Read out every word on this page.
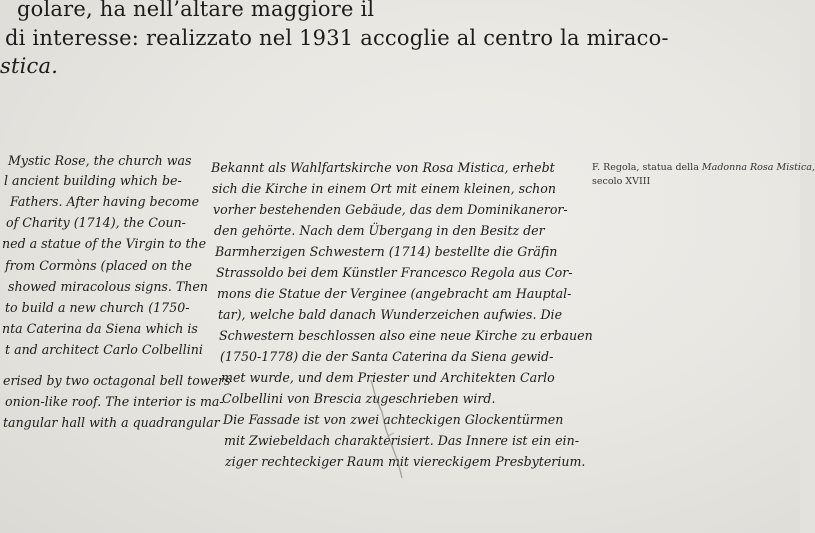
golare, ha nell’altare maggiore il
di interesse: realizzato nel 1931 accoglie al centro la miraco-
stica.
Mystic Rose, the church was
l ancient building which be-
Fathers. After having become
of Charity (1714), the Coun-
ned a statue of the Virgin to the
from Cormòns (placed on the
showed miracolous signs. Then
to build a new church (1750-
nta Caterina da Siena which is
t and architect Carlo Colbellini
erised by two octagonal bell towers
onion-like roof. The interior is ma-
tangular hall with a quadrangular
Bekannt als Wahlfartskirche von Rosa Mistica, erhebt
sich die Kirche in einem Ort mit einem kleinen, schon
vorher bestehenden Gebäude, das dem Dominikaneror-
den gehörte. Nach dem Übergang in den Besitz der
Barmherzigen Schwestern (1714) bestellte die Gräfin
Strassoldo bei dem Künstler Francesco Regola aus Cor-
mons die Statue der Verginee (angebracht am Hauptal-
tar), welche bald danach Wunderzeichen aufwies. Die
Schwestern beschlossen also eine neue Kirche zu erbauen
(1750-1778) die der Santa Caterina da Siena gewid-
met wurde, und dem Priester und Architekten Carlo
Colbellini von Brescia zugeschrieben wird.
Die Fassade ist von zwei achteckigen Glockentürmen
mit Zwiebeldach charakterisiert. Das Innere ist ein ein-
ziger rechteckiger Raum mit viereckigem Presbyterium.
F. Regola, statua della Madonna Rosa Mistica,
secolo XVIII
